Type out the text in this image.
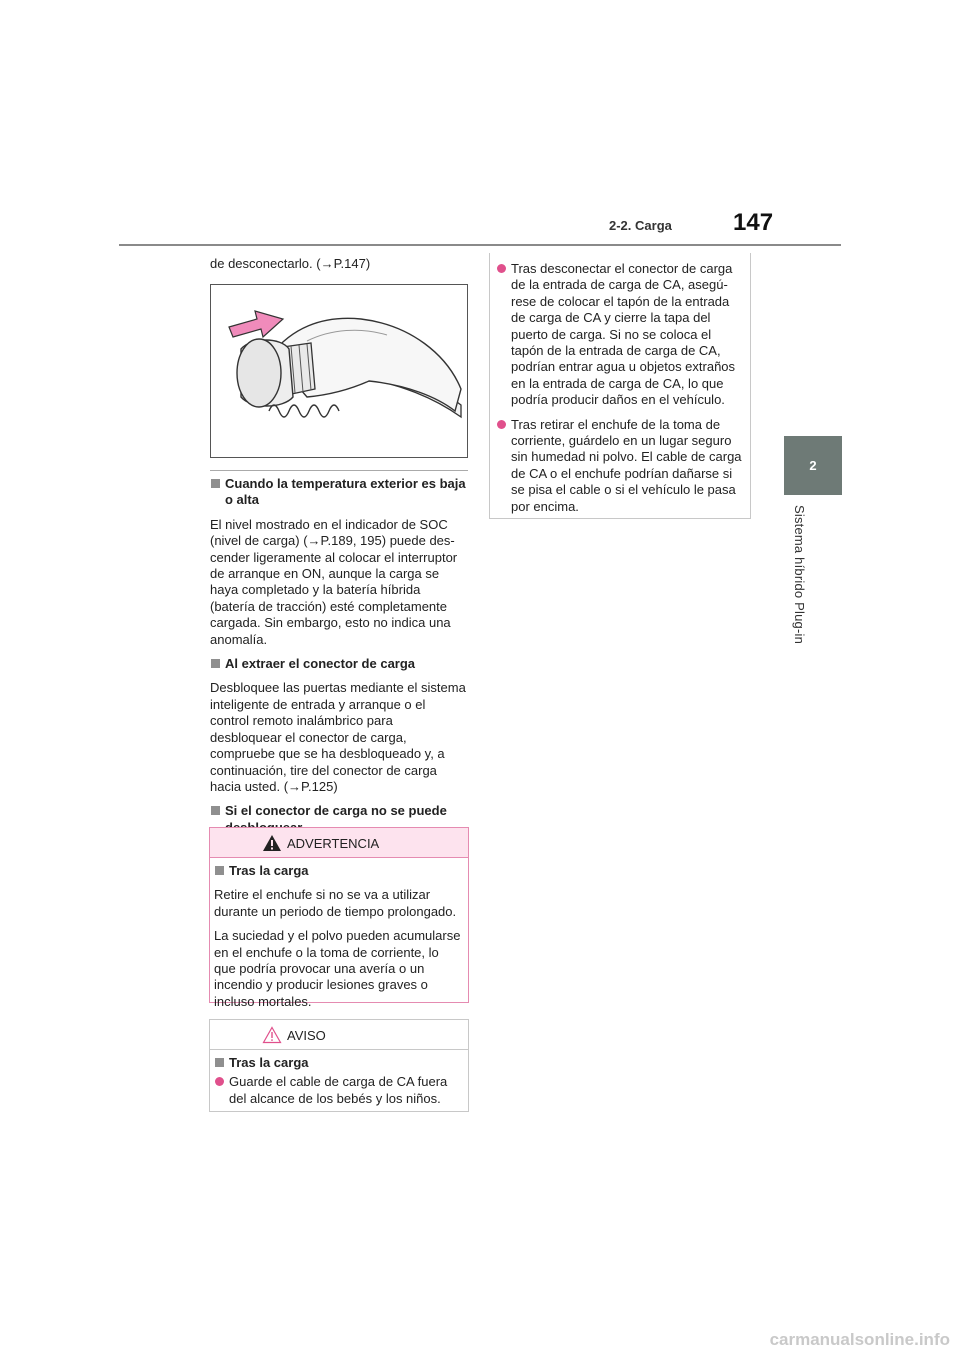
2-2. Carga	147
2
Sistema híbrido Plug-in

de desconectarlo. (→P.147)

Cuando la temperatura exterior es baja o alta

El nivel mostrado en el indicador de SOC (nivel de carga) (→P.189, 195) puede des- cender ligeramente al colocar el interruptor de arranque en ON, aunque la carga se haya completado y la batería híbrida (batería de tracción) esté completamente cargada. Sin embargo, esto no indica una anomalía.

Al extraer el conector de carga

Desbloquee las puertas mediante el sistema inteligente de entrada y arranque o el control remoto inalámbrico para desbloquear el conector de carga, compruebe que se ha desbloqueado y, a continuación, tire del conector de carga hacia usted. (→P.125)

Si el conector de carga no se puede

ADVERTENCIA

Tras la carga

Retire el enchufe si no se va a utilizar durante un periodo de tiempo prolongado.

La suciedad y el polvo pueden acumularse en el enchufe o la toma de corriente, lo que podría provocar una avería o un incendio y producir lesiones graves o incluso mortales.

AVISO

Tras la carga

Guarde el cable de carga de CA fuera del alcance de los bebés y los niños.

Tras desconectar el conector de carga de la entrada de carga de CA, asegú- rese de colocar el tapón de la entrada de carga de CA y cierre la tapa del puerto de carga. Si no se coloca el tapón de la entrada de carga de CA, podrían entrar agua u objetos extraños en la entrada de carga de CA, lo que podría producir daños en el vehículo.

Tras retirar el enchufe de la toma de corriente, guárdelo en un lugar seguro sin humedad ni polvo. El cable de carga de CA o el enchufe podrían dañarse si se pisa el cable o si el vehículo le pasa por encima.

carmanualsonline.info
